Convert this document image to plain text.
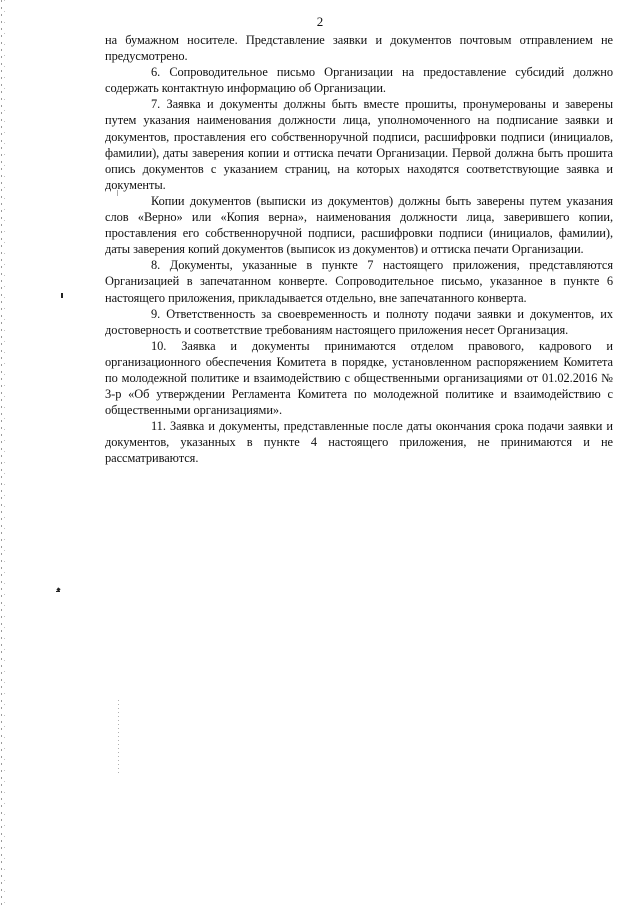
2

на бумажном носителе. Представление заявки и документов почтовым отправлением не предусмотрено.

6. Сопроводительное письмо Организации на предоставление субсидий должно содержать контактную информацию об Организации.

7. Заявка и документы должны быть вместе прошиты, пронумерованы и заверены путем указания наименования должности лица, уполномоченного на подписание заявки и документов, проставления его собственноручной подписи, расшифровки подписи (инициалов, фамилии), даты заверения копии и оттиска печати Организации. Первой должна быть прошита опись документов с указанием страниц, на которых находятся соответствующие заявка и документы.

Копии документов (выписки из документов) должны быть заверены путем указания слов «Верно» или «Копия верна», наименования должности лица, заверившего копии, проставления его собственноручной подписи, расшифровки подписи (инициалов, фамилии), даты заверения копий документов (выписок из документов) и оттиска печати Организации.

8. Документы, указанные в пункте 7 настоящего приложения, представляются Организацией в запечатанном конверте. Сопроводительное письмо, указанное в пункте 6 настоящего приложения, прикладывается отдельно, вне запечатанного конверта.

9. Ответственность за своевременность и полноту подачи заявки и документов, их достоверность и соответствие требованиям настоящего приложения несет Организация.

10. Заявка и документы принимаются отделом правового, кадрового и организационного обеспечения Комитета в порядке, установленном распоряжением Комитета по молодежной политике и взаимодействию с общественными организациями от 01.02.2016 № 3-р «Об утверждении Регламента Комитета по молодежной политике и взаимодействию с общественными организациями».

11. Заявка и документы, представленные после даты окончания срока подачи заявки и документов, указанных в пункте 4 настоящего приложения, не принимаются и не рассматриваются.
